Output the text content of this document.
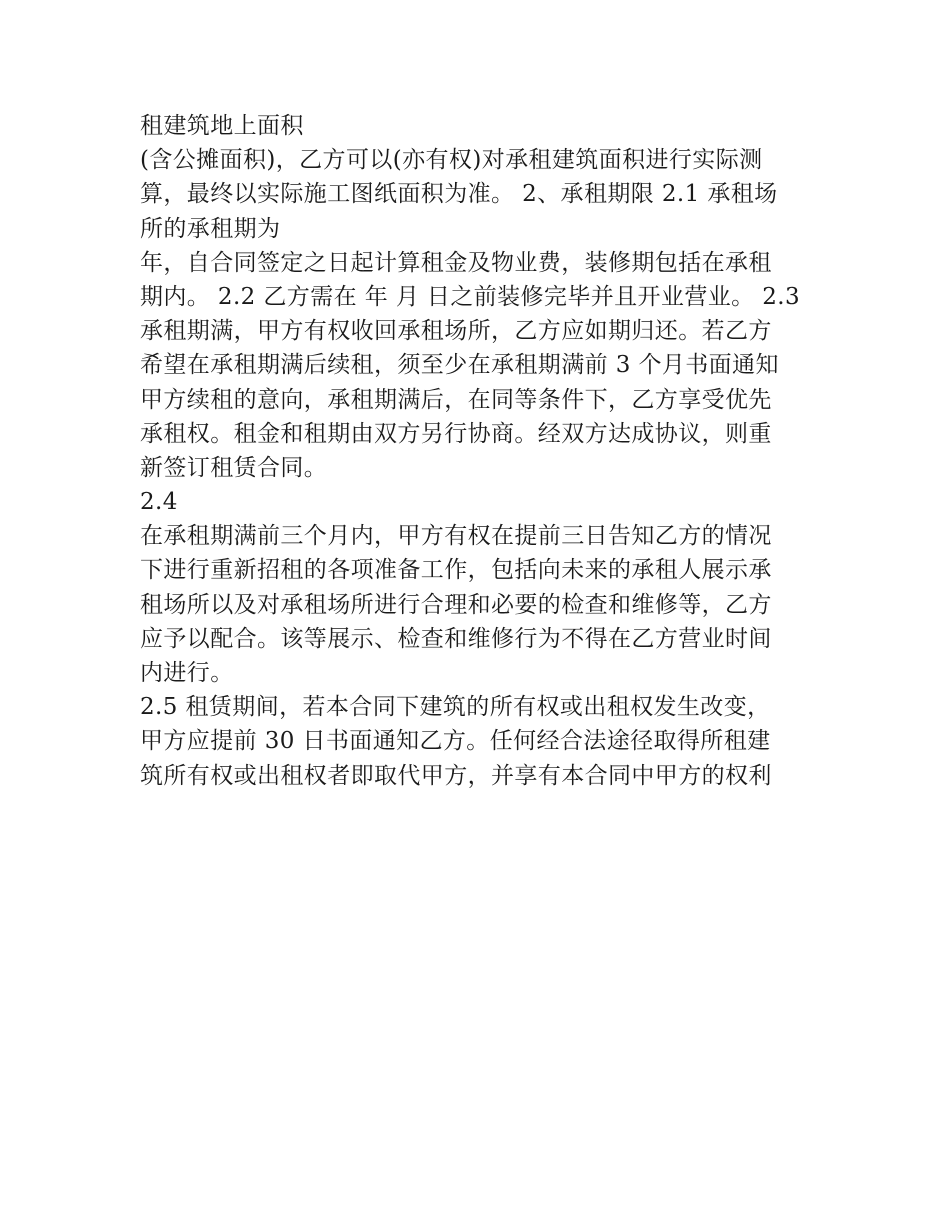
租建筑地上面积
(含公摊面积)，乙方可以(亦有权)对承租建筑面积进行实际测
算，最终以实际施工图纸面积为准。 2、承租期限 2.1 承租场
所的承租期为
年，自合同签定之日起计算租金及物业费，装修期包括在承租
期内。 2.2 乙方需在 年 月 日之前装修完毕并且开业营业。 2.3
承租期满，甲方有权收回承租场所，乙方应如期归还。若乙方
希望在承租期满后续租，须至少在承租期满前 3 个月书面通知
甲方续租的意向，承租期满后，在同等条件下，乙方享受优先
承租权。租金和租期由双方另行协商。经双方达成协议，则重
新签订租赁合同。
2.4
在承租期满前三个月内，甲方有权在提前三日告知乙方的情况
下进行重新招租的各项准备工作，包括向未来的承租人展示承
租场所以及对承租场所进行合理和必要的检查和维修等，乙方
应予以配合。该等展示、检查和维修行为不得在乙方营业时间
内进行。
2.5 租赁期间，若本合同下建筑的所有权或出租权发生改变，
甲方应提前 30 日书面通知乙方。任何经合法途径取得所租建
筑所有权或出租权者即取代甲方，并享有本合同中甲方的权利
